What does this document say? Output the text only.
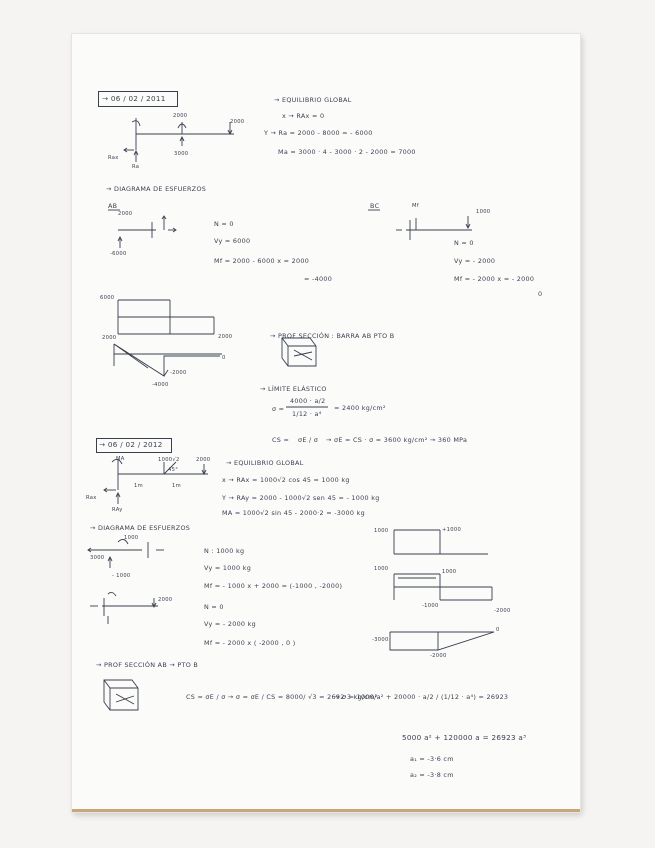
→ 06 / 02 / 2011
2000
2000
3000
Rax
Ra
→ EQUILIBRIO GLOBAL
x → RAx = 0
Y → Ra = 2000 - 8000 = - 6000
Ma = 3000 · 4 - 3000 · 2 - 2000 = 7000
→ DIAGRAMA DE ESFUERZOS
AB
2000
-6000
N = 0
Vy = 6000
Mf = 2000 - 6000 x = 2000
= -4000
BC	Mf
1000
N = 0
Vy = - 2000
Mf = - 2000 x = - 2000
0
6000
2000	→ PROF SECCIÓN : BARRA AB PTO B
2000
-2000
-4000
0
→ LÍMITE ELÁSTICO
σ =
4000 · a/2
1/12 · a⁴
= 2400 kg/cm²
CS = σE / σ → σE = CS · σ = 3600 kg/cm² → 360 MPa
→ 06 / 02 / 2012
MA	1000√2
45°
2000
1m	1m
Rax
RAy
→ EQUILIBRIO GLOBAL
x → RAx = 1000√2 cos 45 = 1000 kg
Y → RAy = 2000 - 1000√2 sen 45 = - 1000 kg
MA = 1000√2 sin 45 - 2000·2 = -3000 kg
→ DIAGRAMA DE ESFUERZOS
1000
3000
- 1000
N : 1000 kg
Vy = 1000 kg
Mf = - 1000 x + 2000 = (-1000 , -2000)
2000
N = 0
Vy = - 2000 kg
Mf = - 2000 x ( -2000 , 0 )
1000	+1000
1000	1000
-1000
-2000
-3000
-2000
0
→ PROF SECCIÓN AB → PTO B
CS = σE / σ → σ = σE / CS = 8000/ √3 = 2692·3 kg/cm²
→ σ = 1000/a² + 20000 · a/2 / (1/12 · a⁴) = 26923
5000 a² + 120000 a = 26923 a³
a₁ = -3·6 cm
a₂ = -3·8 cm
